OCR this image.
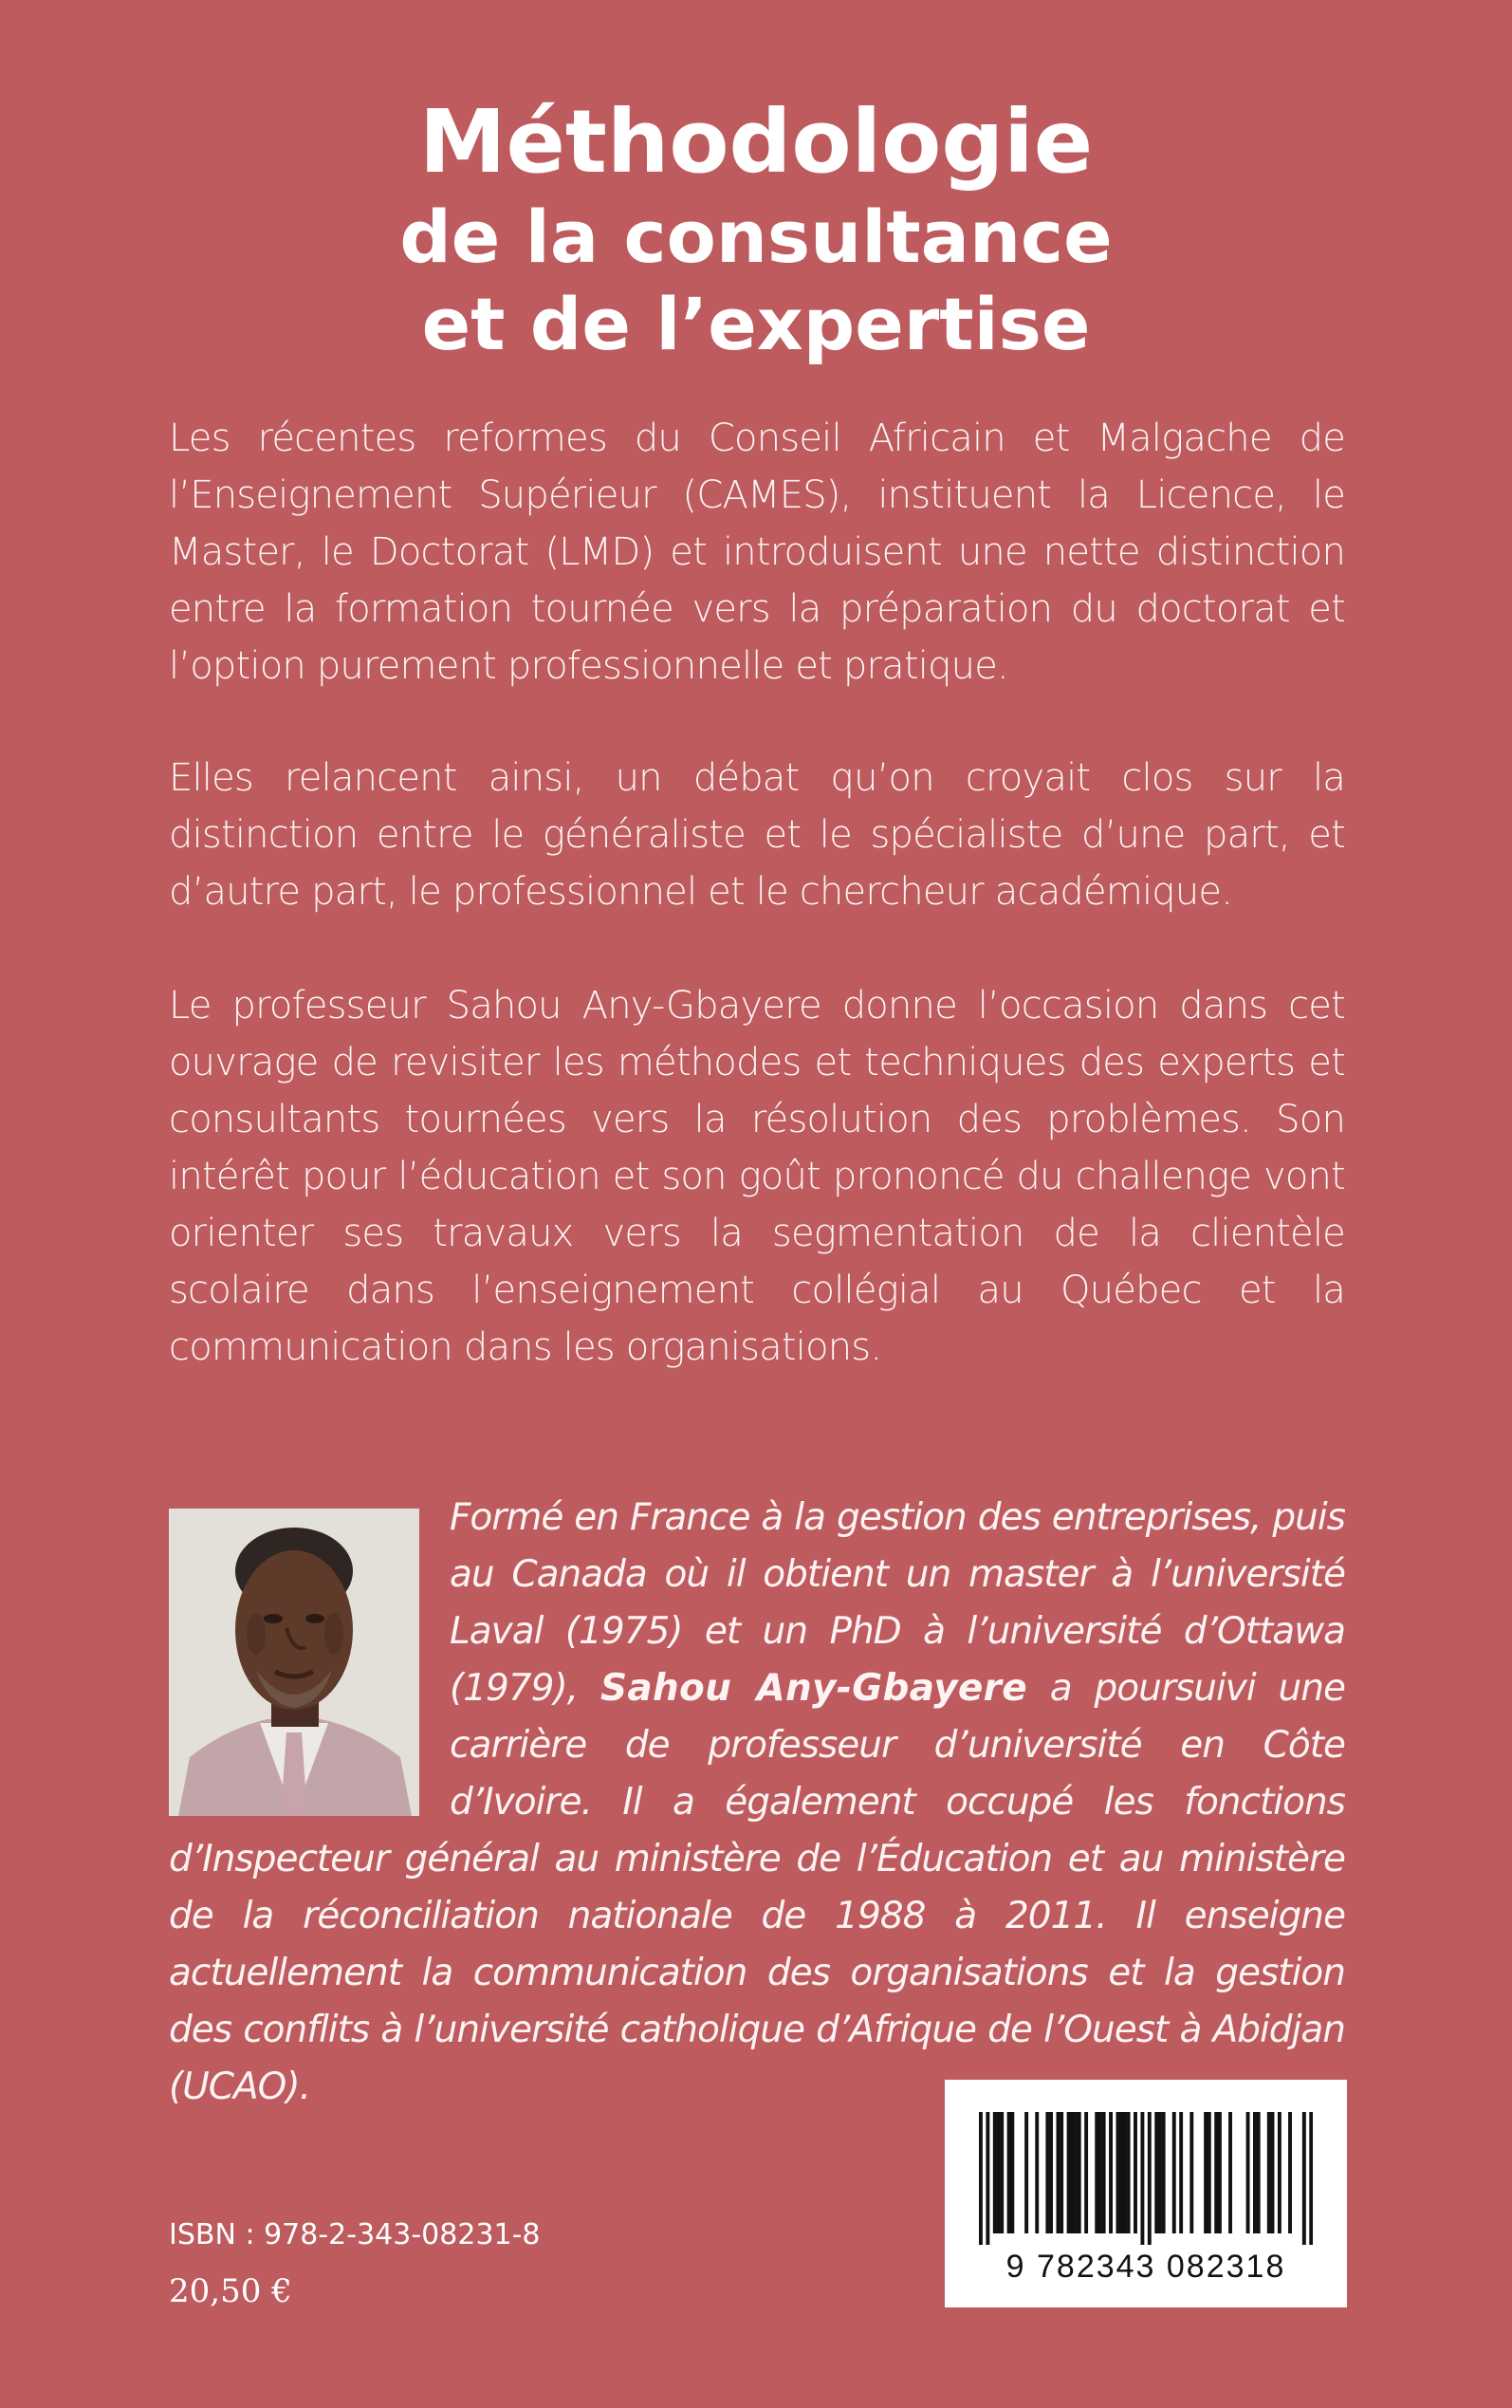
Méthodologie
de la consultance
et de l’expertise

Les récentes reformes du Conseil Africain et Malgache de l’Enseignement Supérieur (CAMES), instituent la Licence, le Master, le Doctorat (LMD) et introduisent une nette distinction entre la formation tournée vers la préparation du doctorat et l’option purement professionnelle et pratique.

Elles relancent ainsi, un débat qu’on croyait clos sur la distinction entre le généraliste et le spécialiste d’une part, et d’autre part, le professionnel et le chercheur académique.

Le professeur Sahou Any-Gbayere donne l’occasion dans cet ouvrage de revisiter les méthodes et techniques des experts et consultants tournées vers la résolution des problèmes. Son intérêt pour l’éducation et son goût prononcé du challenge vont orienter ses travaux vers la segmentation de la clientèle scolaire dans l’enseignement collégial au Québec et la communication dans les organisations.

Formé en France à la gestion des entreprises, puis au Canada où il obtient un master à l’université Laval (1975) et un PhD à l’université d’Ottawa (1979), Sahou Any-Gbayere a poursuivi une carrière de professeur d’université en Côte d’Ivoire. Il a également occupé les fonctions d’Inspecteur général au ministère de l’Éducation et au ministère de la réconciliation nationale de 1988 à 2011. Il enseigne actuellement la communication des organisations et la gestion des conflits à l’université catholique d’Afrique de l’Ouest à Abidjan (UCAO).
ISBN : 978-2-343-08231-8
20,50 €
9 782343 082318
